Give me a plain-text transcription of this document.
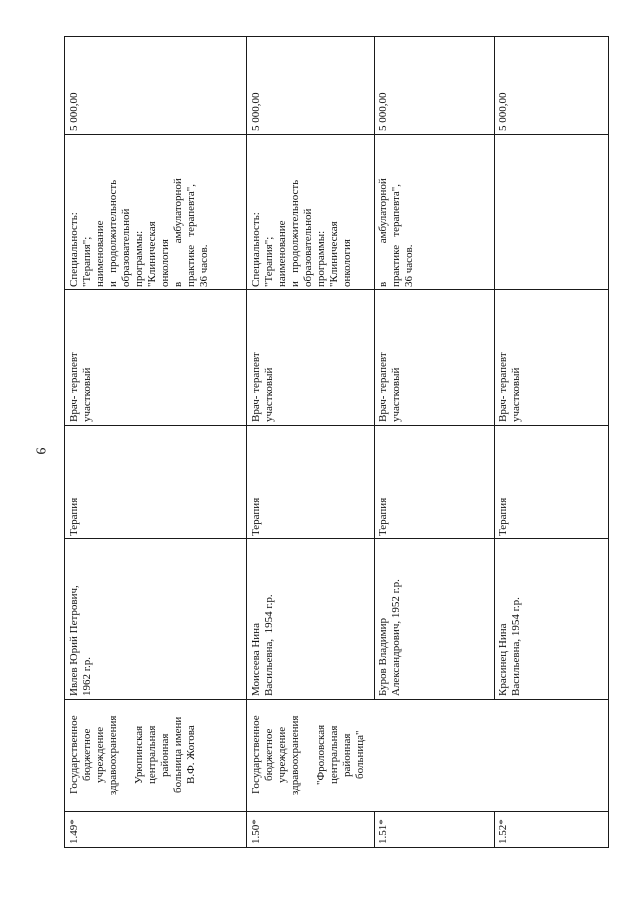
9
1.49*
Государственное
бюджетное
учреждение
здравоохранения

Урюпинская
центральная
районная
больница имени
В.Ф. Жогова
Ивлев Юрий Петрович,
1962 г.р.
Терапия
Врач- терапевт
участковый
Специальность:
"Терапия";
наименование
и   продолжительность
образовательной
программы:
"Клиническая
онкология
в              амбулаторной
практике   терапевта",
36 часов.
5 000,00
1.50*
Государственное
бюджетное
учреждение
здравоохранения

"Фроловская
центральная
районная
больница"
Моисеева Нина
Васильевна,  1954 г.р.
Терапия
Врач- терапевт
участковый
Специальность:
"Терапия";
наименование
и   продолжительность
образовательной
программы:
"Клиническая
онкология
5 000,00
1.51*
Буров Владимир
Александрович, 1952 г.р.
Терапия
Врач- терапевт
участковый
в              амбулаторной
практике   терапевта",
36 часов.
5 000,00
1.52*
Красинец Нина
Васильевна, 1954 г.р.
Терапия
Врач- терапевт
участковый
5 000,00
